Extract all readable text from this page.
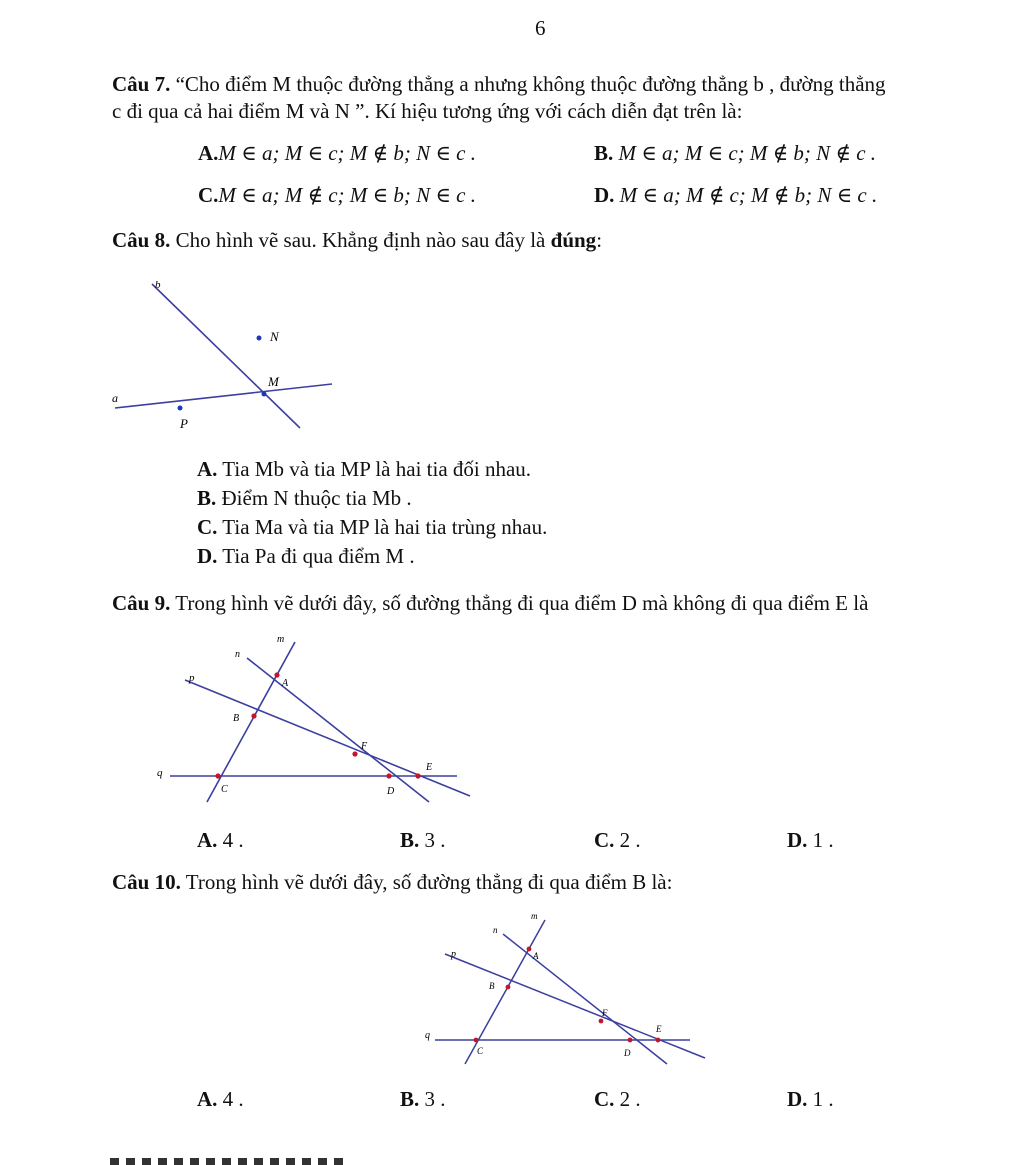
6
Câu 7. “Cho điểm M thuộc đường thẳng a nhưng không thuộc đường thẳng b , đường thẳng
c đi qua cả hai điểm M và N ”. Kí hiệu tương ứng với cách diễn đạt trên là:
A.M ∈ a; M ∈ c; M ∉ b; N ∈ c .	B. M ∈ a; M ∈ c; M ∉ b; N ∉ c .
C.M ∈ a; M ∉ c; M ∈ b; N ∈ c .	D. M ∈ a; M ∉ c; M ∉ b; N ∈ c .
Câu 8. Cho hình vẽ sau. Khẳng định nào sau đây là đúng:
b
N
M
a
P
A. Tia Mb và tia MP là hai tia đối nhau.
B. Điểm N thuộc tia Mb .
C. Tia Ma và tia MP là hai tia trùng nhau.
D. Tia Pa đi qua điểm M .
Câu 9. Trong hình vẽ dưới đây, số đường thẳng đi qua điểm D mà không đi qua điểm E là
m
n
p	A
B
F
q	E
C	D
A. 4 .	B. 3 .	C. 2 .	D. 1 .
Câu 10. Trong hình vẽ dưới đây, số đường thẳng đi qua điểm B là:
m
n
p	A
B
F
q
E
C	D
A. 4 .	B. 3 .	C. 2 .	D. 1 .
